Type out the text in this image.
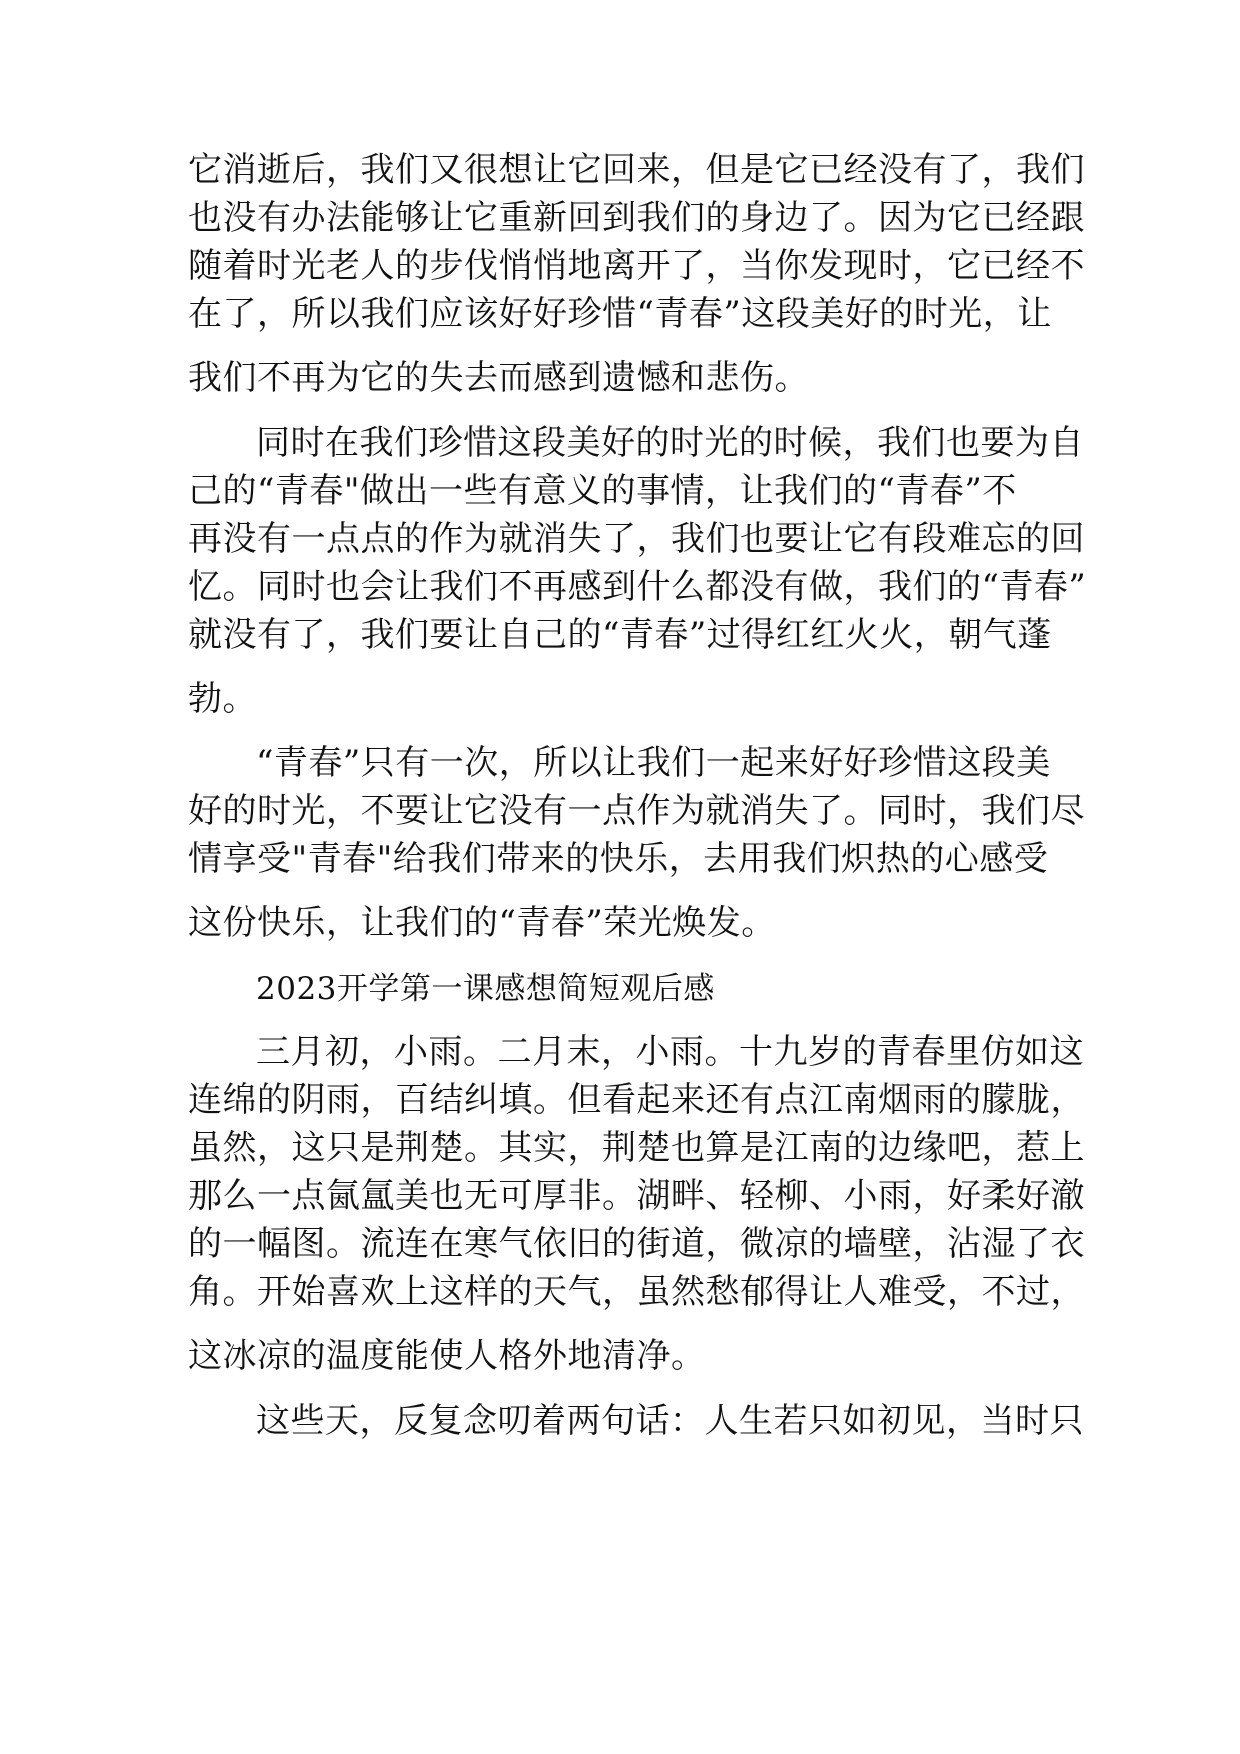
它消逝后，我们又很想让它回来，但是它已经没有了，我们
也没有办法能够让它重新回到我们的身边了。因为它已经跟
随着时光老人的步伐悄悄地离开了，当你发现时，它已经不
在了，所以我们应该好好珍惜“青春”这段美好的时光，让
我们不再为它的失去而感到遗憾和悲伤。
同时在我们珍惜这段美好的时光的时候，我们也要为自
己的“青春"做出一些有意义的事情，让我们的“青春”不
再没有一点点的作为就消失了，我们也要让它有段难忘的回
忆。同时也会让我们不再感到什么都没有做，我们的“青春”
就没有了，我们要让自己的“青春”过得红红火火，朝气蓬
勃。
“青春”只有一次，所以让我们一起来好好珍惜这段美
好的时光，不要让它没有一点作为就消失了。同时，我们尽
情享受"青春"给我们带来的快乐，去用我们炽热的心感受
这份快乐，让我们的“青春”荣光焕发。
2023开学第一课感想简短观后感
三月初，小雨。二月末，小雨。十九岁的青春里仿如这
连绵的阴雨，百结纠填。但看起来还有点江南烟雨的朦胧，
虽然，这只是荆楚。其实，荆楚也算是江南的边缘吧，惹上
那么一点氤氲美也无可厚非。湖畔、轻柳、小雨，好柔好澈
的一幅图。流连在寒气依旧的街道，微凉的墙壁，沾湿了衣
角。开始喜欢上这样的天气，虽然愁郁得让人难受，不过，
这冰凉的温度能使人格外地清净。
这些天，反复念叨着两句话：人生若只如初见，当时只
